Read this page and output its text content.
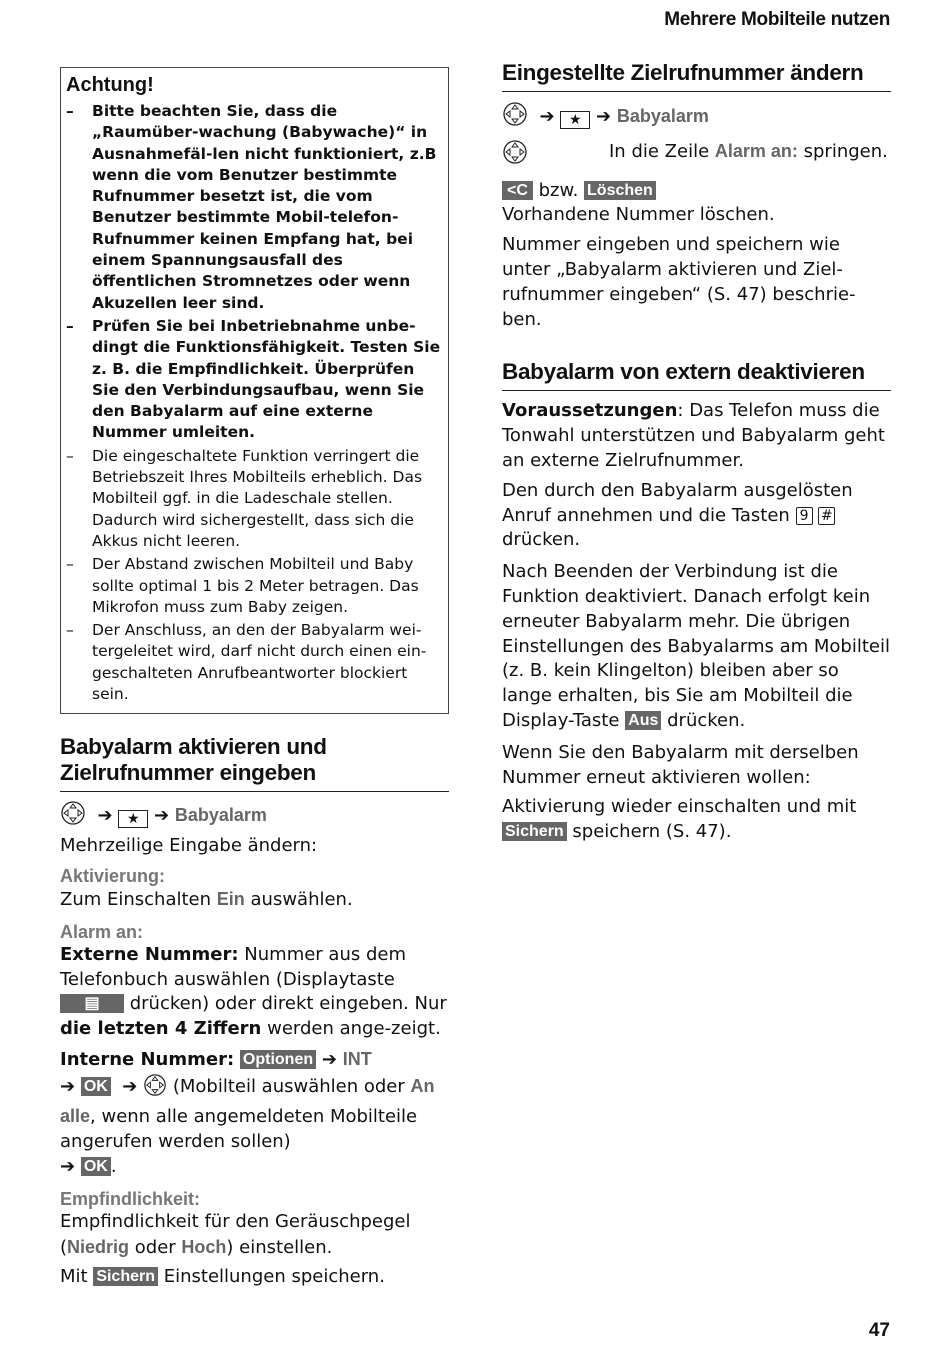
Mehrere Mobilteile nutzen
Achtung!
– Bitte beachten Sie, dass die „Raumüber-wachung (Babywache)“ in Ausnahmefäl-len nicht funktioniert, z.B wenn die vom Benutzer bestimmte Rufnummer besetzt ist, die vom Benutzer bestimmte Mobil-telefon-Rufnummer keinen Empfang hat, bei einem Spannungsausfall des öffentlichen Stromnetzes oder wenn Akuzellen leer sind.
– Prüfen Sie bei Inbetriebnahme unbe-dingt die Funktionsfähigkeit. Testen Sie z. B. die Empfindlichkeit. Überprüfen Sie den Verbindungsaufbau, wenn Sie den Babyalarm auf eine externe Nummer umleiten.
– Die eingeschaltete Funktion verringert die Betriebszeit Ihres Mobilteils erheblich. Das Mobilteil ggf. in die Ladeschale stellen. Dadurch wird sichergestellt, dass sich die Akkus nicht leeren.
– Der Abstand zwischen Mobilteil und Baby sollte optimal 1 bis 2 Meter betragen. Das Mikrofon muss zum Baby zeigen.
– Der Anschluss, an den der Babyalarm wei-tergeleitet wird, darf nicht durch einen ein-geschalteten Anrufbeantworter blockiert sein.
Babyalarm aktivieren und Zielrufnummer eingeben
➔ ★ ➔ Babyalarm

Mehrzeilige Eingabe ändern:

Aktivierung:

Zum Einschalten Ein auswählen.

Alarm an:

Externe Nummer: Nummer aus dem Telefonbuch auswählen (Displaytaste ▤ drücken) oder direkt eingeben. Nur die letzten 4 Ziffern werden ange-zeigt.

Interne Nummer: Optionen ➔ INT
➔ OK ➔  (Mobilteil auswählen oder An alle, wenn alle angemeldeten Mobilteile angerufen werden sollen)
➔ OK .

Empfindlichkeit:

Empfindlichkeit für den Geräuschpegel (Niedrig oder Hoch) einstellen.

Mit Sichern Einstellungen speichern.

Eingestellte Zielrufnummer ändern
➔ ★ ➔ Babyalarm
In die Zeile Alarm an: springen.
<C bzw. Löschen

Vorhandene Nummer löschen.

Nummer eingeben und speichern wie unter „Babyalarm aktivieren und Ziel-rufnummer eingeben“ (S. 47) beschrie-ben.

Babyalarm von extern deaktivieren

Voraussetzungen: Das Telefon muss die Tonwahl unterstützen und Babyalarm geht an externe Zielrufnummer.

Den durch den Babyalarm ausgelösten Anruf annehmen und die Tasten 9 # drücken.

Nach Beenden der Verbindung ist die Funktion deaktiviert. Danach erfolgt kein erneuter Babyalarm mehr. Die übrigen Einstellungen des Babyalarms am Mobilteil (z. B. kein Klingelton) bleiben aber so lange erhalten, bis Sie am Mobilteil die Display-Taste Aus drücken.

Wenn Sie den Babyalarm mit derselben Nummer erneut aktivieren wollen:

Aktivierung wieder einschalten und mit Sichern speichern (S. 47).

47
